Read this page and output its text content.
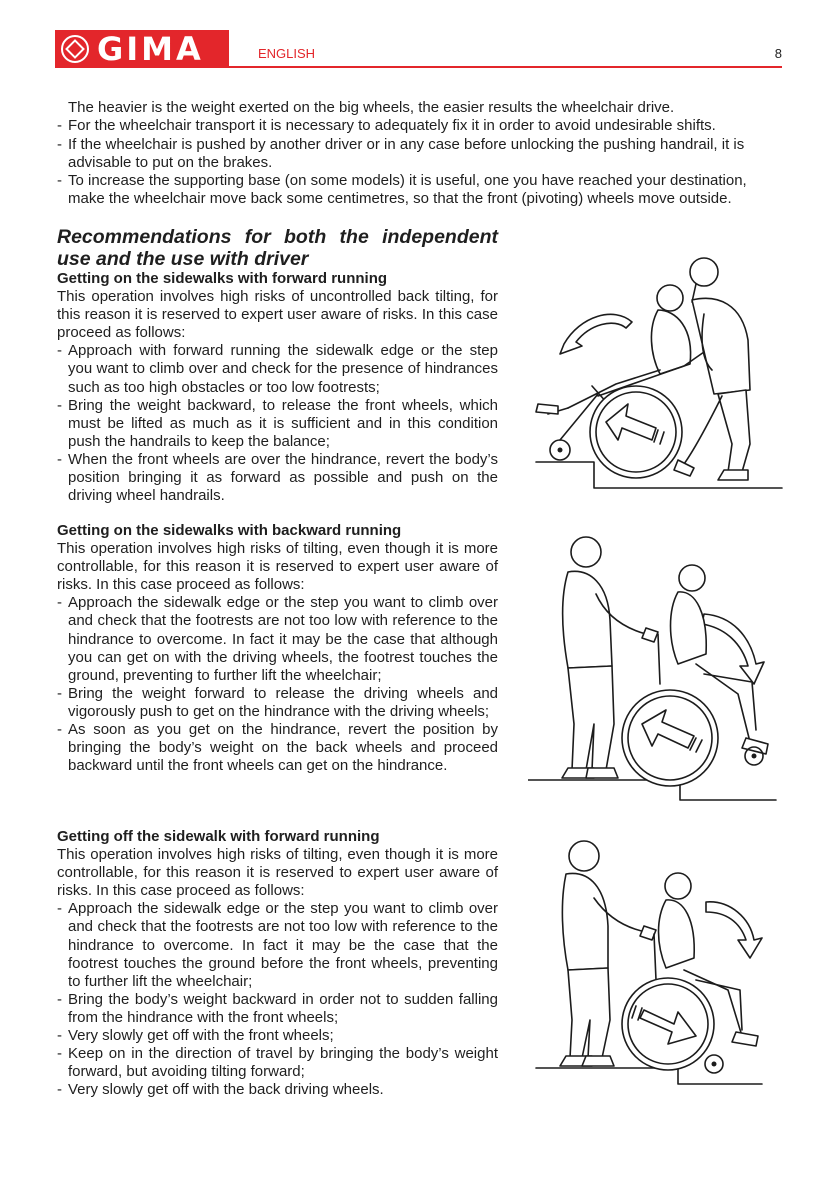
GIMA	ENGLISH	8

The heavier is the weight exerted on the big wheels, the easier results the wheelchair drive.

- For the wheelchair transport it is necessary to adequately fix it in order to avoid undesirable shifts.
- If the wheelchair is pushed by another driver or in any case before unlocking the pushing handrail, it is advisable to put on the brakes.
- To increase the supporting base (on some models) it is useful, one you have reached your destination, make the wheelchair move back some centimetres, so that the front (pivoting) wheels move outside.

Recommendations for both the independent use and the use with driver

Getting on the sidewalks with forward running

This operation involves high risks of uncontrolled back tilting, for this reason it is reserved to expert user aware of risks. In this case proceed as follows:

- Approach with forward running the sidewalk edge or the step you want to climb over and check for the presence of hindrances such as too high obstacles or too low footrests;
- Bring the weight backward, to release the front wheels, which must be lifted as much as it is sufficient and in this condition push the handrails to keep the balance;
- When the front wheels are over the hindrance, revert the body’s position bringing it as forward as possible and push on the driving wheel handrails.

Getting on the sidewalks with backward running

This operation involves high risks of tilting, even though it is more controllable, for this reason it is reserved to expert user aware of risks. In this case proceed as follows:

- Approach the sidewalk edge or the step you want to climb over and check that the footrests are not too low with reference to the hindrance to overcome. In fact it may be the case that although you can get on with the driving wheels, the footrest touches the ground, preventing to further lift the wheelchair;
- Bring the weight forward to release the driving wheels and vigorously push to get on the hindrance with the driving wheels;
- As soon as you get on the hindrance, revert the position by bringing the body’s weight on the back wheels and proceed backward until the front wheels can get on the hindrance.

Getting off the sidewalk with forward running

This operation involves high risks of tilting, even though it is more controllable, for this reason it is reserved to expert user aware of risks. In this case proceed as follows:

- Approach the sidewalk edge or the step you want to climb over and check that the footrests are not too low with reference to the hindrance to overcome. In fact it may be the case that the footrest touches the ground before the front wheels, preventing to further lift the wheelchair;
- Bring the body’s weight backward in order not to sudden falling from the hindrance with the front wheels;
- Very slowly get off with the front wheels;
- Keep on in the direction of travel by bringing the body’s weight forward, but avoiding tilting forward;
- Very slowly get off with the back driving wheels.
